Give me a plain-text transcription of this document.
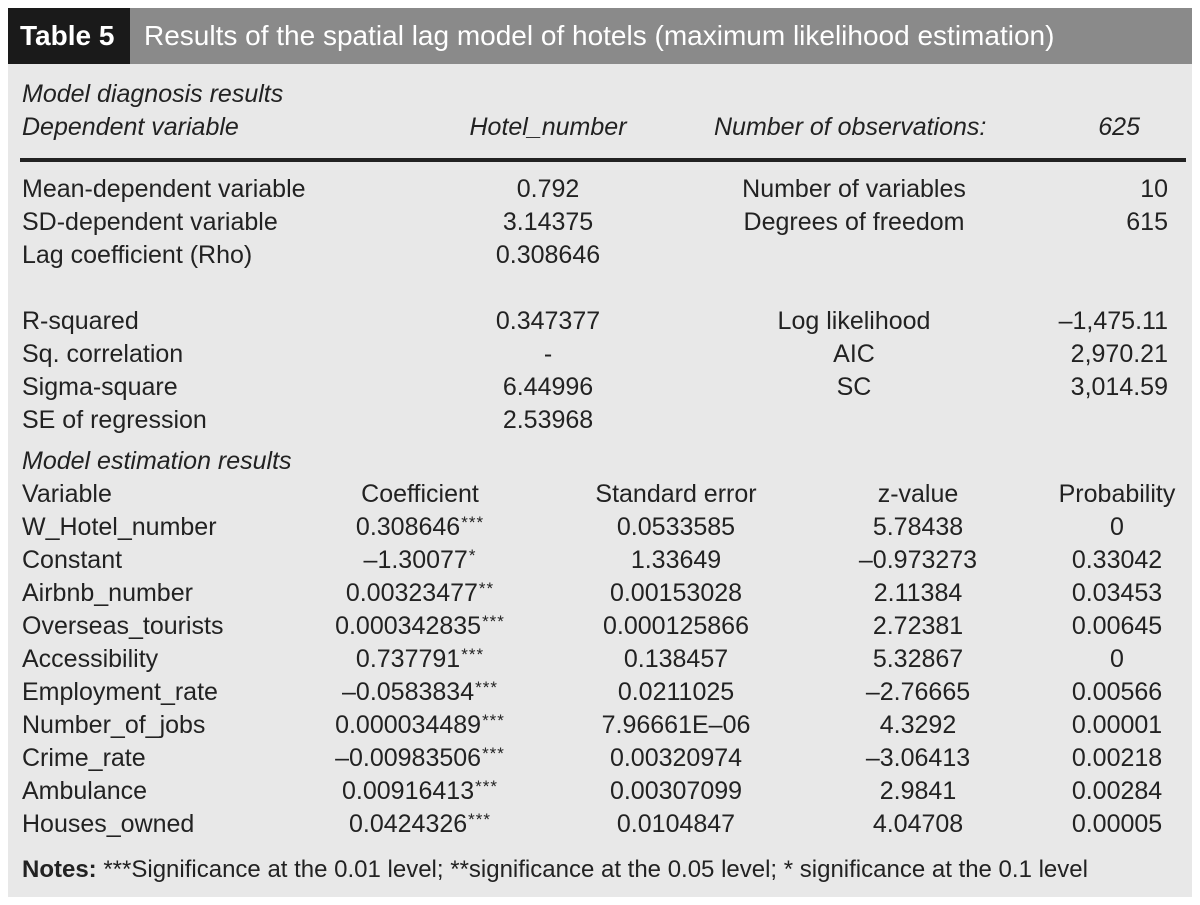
Table 5	Results of the spatial lag model of hotels (maximum likelihood estimation)
Model diagnosis results
Dependent variable	Hotel_number	Number of observations:	625
Mean-dependent variable	0.792	Number of variables	10
SD-dependent variable	3.14375	Degrees of freedom	615
Lag coefficient (Rho)	0.308646
R-squared	0.347377	Log likelihood	–1,475.11
Sq. correlation	-	AIC	2,970.21
Sigma-square	6.44996	SC	3,014.59
SE of regression	2.53968
Model estimation results
Variable	Coefficient	Standard error	z-value	Probability
W_Hotel_number	0.308646***	0.0533585	5.78438	0
Constant	–1.30077*	1.33649	–0.973273	0.33042
Airbnb_number	0.00323477**	0.00153028	2.11384	0.03453
Overseas_tourists	0.000342835***	0.000125866	2.72381	0.00645
Accessibility	0.737791***	0.138457	5.32867	0
Employment_rate	–0.0583834***	0.0211025	–2.76665	0.00566
Number_of_jobs	0.000034489***	7.96661E–06	4.3292	0.00001
Crime_rate	–0.00983506***	0.00320974	–3.06413	0.00218
Ambulance	0.00916413***	0.00307099	2.9841	0.00284
Houses_owned	0.0424326***	0.0104847	4.04708	0.00005
Notes: ***Significance at the 0.01 level; **significance at the 0.05 level; * significance at the 0.1 level
